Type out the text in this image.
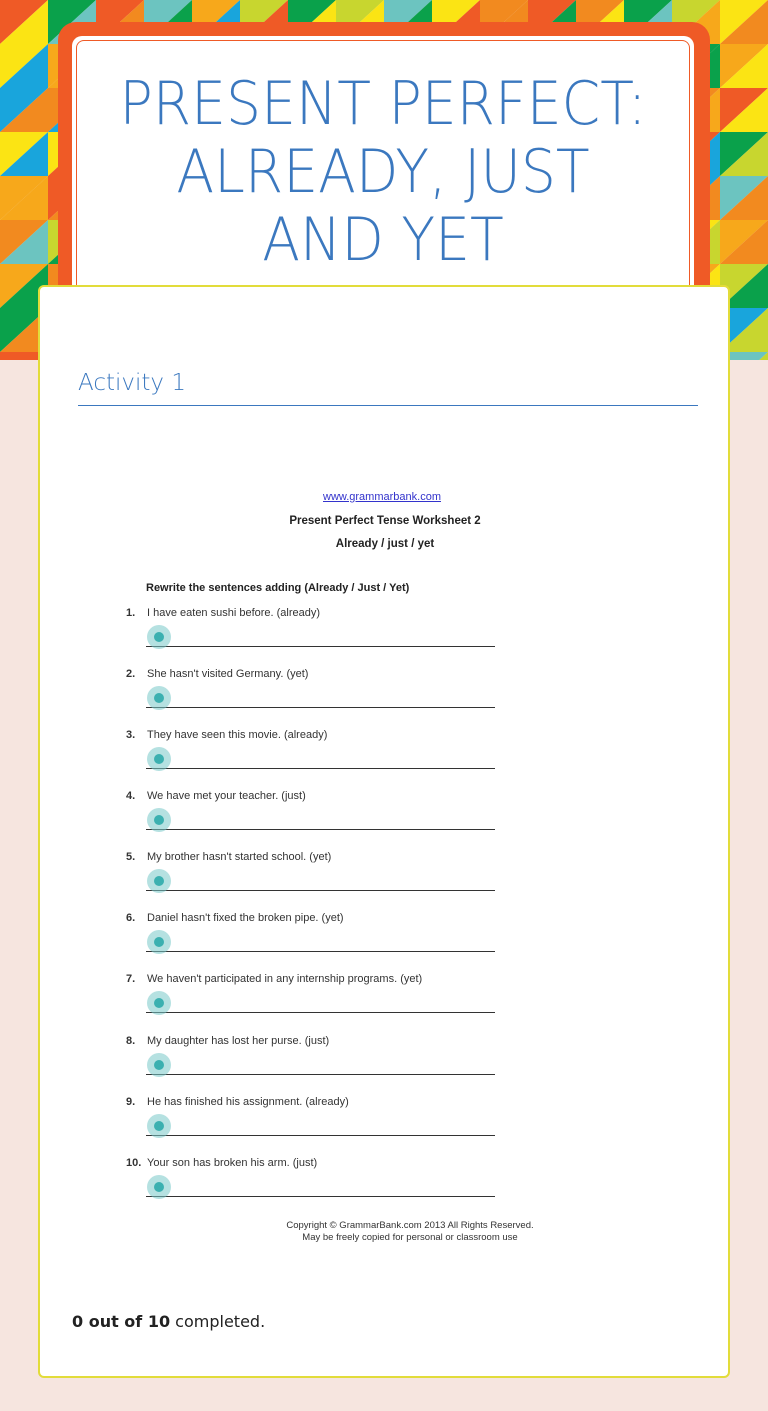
PRESENT PERFECT: ALREADY, JUST
AND YET
Activity 1
www.grammarbank.com
Present Perfect Tense Worksheet 2
Already / just / yet
Rewrite the sentences adding (Already / Just / Yet)
1. I have eaten sushi before. (already)
2. She hasn't visited Germany. (yet)
3. They have seen this movie. (already)
4. We have met your teacher. (just)
5. My brother hasn't started school. (yet)
6. Daniel hasn't fixed the broken pipe. (yet)
7. We haven't participated in any internship programs. (yet)
8. My daughter has lost her purse. (just)
9. He has finished his assignment. (already)
10. Your son has broken his arm. (just)
Copyright © GrammarBank.com 2013 All Rights Reserved.
May be freely copied for personal or classroom use
0 out of 10 completed.
